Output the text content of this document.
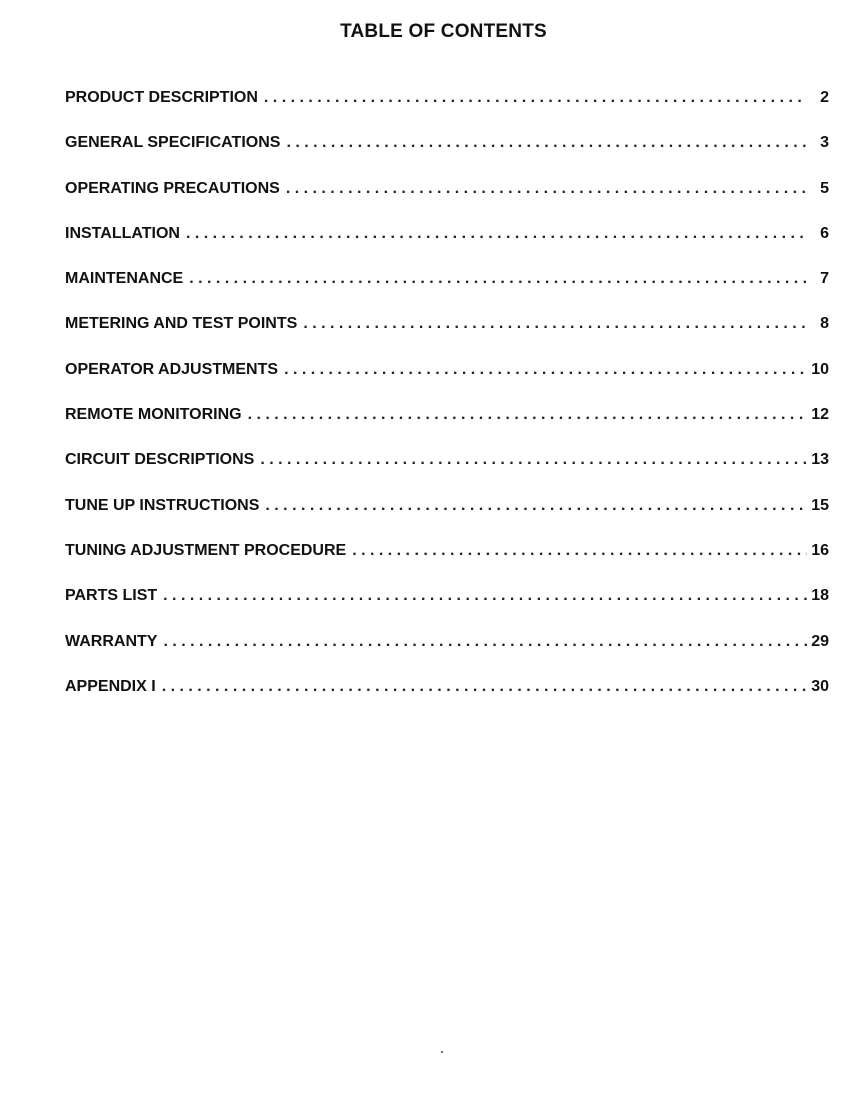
TABLE OF CONTENTS
PRODUCT DESCRIPTION . . .	2
GENERAL SPECIFICATIONS . . .	3
OPERATING PRECAUTIONS . . .	5
INSTALLATION . . .	6
MAINTENANCE . . .	7
METERING AND TEST POINTS . . .	8
OPERATOR ADJUSTMENTS . . .	10
REMOTE MONITORING . . .	12
CIRCUIT DESCRIPTIONS . . .	13
TUNE UP INSTRUCTIONS . . .	15
TUNING ADJUSTMENT PROCEDURE . . .	16
PARTS LIST . . .	18
WARRANTY . . .	29
APPENDIX I . . .	30
